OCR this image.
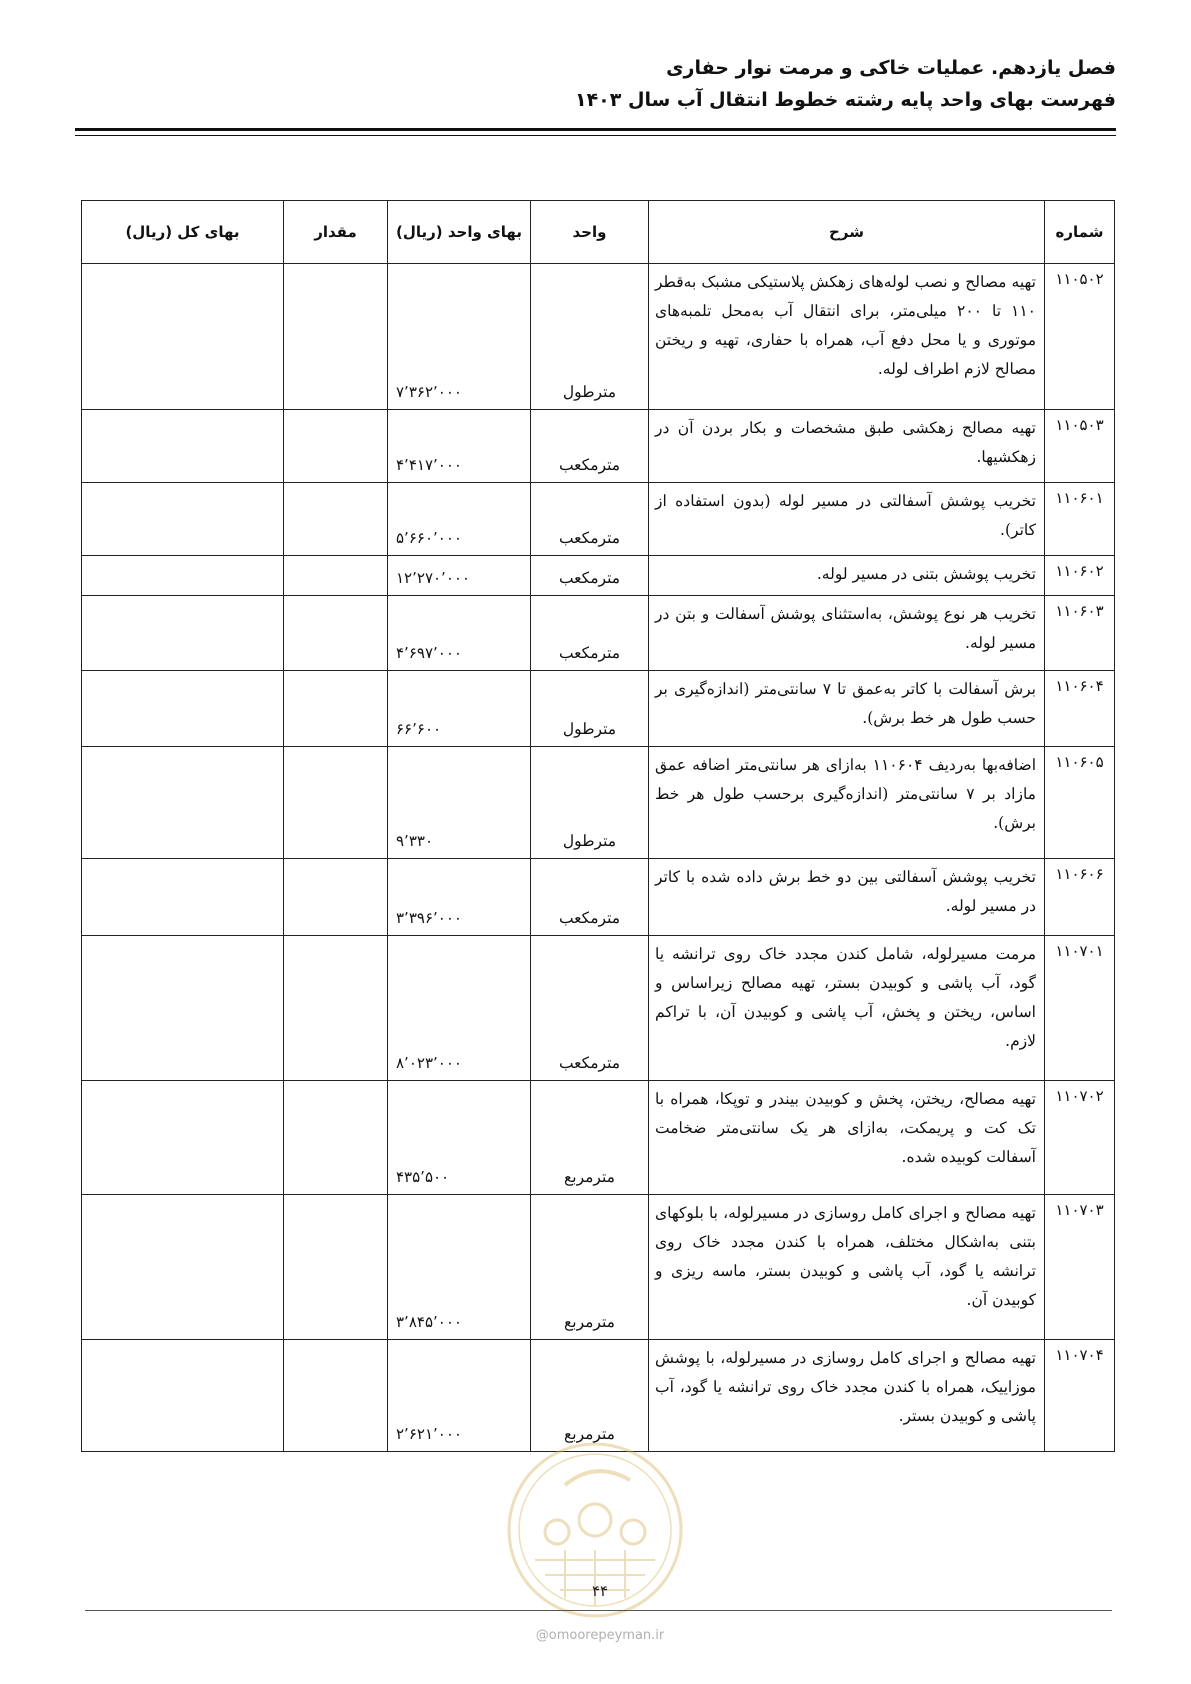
فصل یازدهم. عملیات خاکی و مرمت نوار حفاری
فهرست بهای واحد پایه رشته خطوط انتقال آب سال ۱۴۰۳
شماره	شرح	واحد	بهای واحد (ریال)	مقدار	بهای کل (ریال)
۱۱۰۵۰۲	تهیه مصالح و نصب لوله‌های زهکش پلاستیکی مشبک به‌قطر ۱۱۰ تا ۲۰۰ میلی‌متر، برای انتقال آب به‌محل تلمبه‌های موتوری و یا محل دفع آب، همراه با حفاری، تهیه و ریختن مصالح لازم اطراف لوله.	مترطول	۷٬۳۶۲٬۰۰۰		
۱۱۰۵۰۳	تهیه مصالح زهکشی طبق مشخصات و بکار بردن آن در زهکشیها.	مترمکعب	۴٬۴۱۷٬۰۰۰		
۱۱۰۶۰۱	تخریب پوشش آسفالتی در مسیر لوله (بدون استفاده از کاتر).	مترمکعب	۵٬۶۶۰٬۰۰۰		
۱۱۰۶۰۲	تخریب پوشش بتنی در مسیر لوله.	مترمکعب	۱۲٬۲۷۰٬۰۰۰		
۱۱۰۶۰۳	تخریب هر نوع پوشش، به‌استثنای پوشش آسفالت و بتن در مسیر لوله.	مترمکعب	۴٬۶۹۷٬۰۰۰		
۱۱۰۶۰۴	برش آسفالت با کاتر به‌عمق تا ۷ سانتی‌متر (اندازه‌گیری بر حسب طول هر خط برش).	مترطول	۶۶٬۶۰۰		
۱۱۰۶۰۵	اضافه‌بها به‌ردیف ۱۱۰۶۰۴ به‌ازای هر سانتی‌متر اضافه عمق مازاد بر ۷ سانتی‌متر (اندازه‌گیری برحسب طول هر خط برش).	مترطول	۹٬۳۳۰		
۱۱۰۶۰۶	تخریب پوشش آسفالتی بین دو خط برش داده شده با کاتر در مسیر لوله.	مترمکعب	۳٬۳۹۶٬۰۰۰		
۱۱۰۷۰۱	مرمت مسیرلوله، شامل کندن مجدد خاک روی ترانشه یا گود، آب پاشی و کوبیدن بستر، تهیه مصالح زیراساس و اساس، ریختن و پخش، آب پاشی و کوبیدن آن، با تراکم لازم.	مترمکعب	۸٬۰۲۳٬۰۰۰		
۱۱۰۷۰۲	تهیه مصالح، ریختن، پخش و کوبیدن بیندر و توپکا، همراه با تک کت و پریمکت، به‌ازای هر یک سانتی‌متر ضخامت آسفالت کوبیده شده.	مترمربع	۴۳۵٬۵۰۰		
۱۱۰۷۰۳	تهیه مصالح و اجرای کامل روسازی در مسیرلوله، با بلوکهای بتنی به‌اشکال مختلف، همراه با کندن مجدد خاک روی ترانشه یا گود، آب پاشی و کوبیدن بستر، ماسه ریزی و کوبیدن آن.	مترمربع	۳٬۸۴۵٬۰۰۰		
۱۱۰۷۰۴	تهیه مصالح و اجرای کامل روسازی در مسیرلوله، با پوشش موزاییک، همراه با کندن مجدد خاک روی ترانشه یا گود، آب پاشی و کوبیدن بستر.	مترمربع	۲٬۶۲۱٬۰۰۰		
۴۴
@omoorepeyman.ir
